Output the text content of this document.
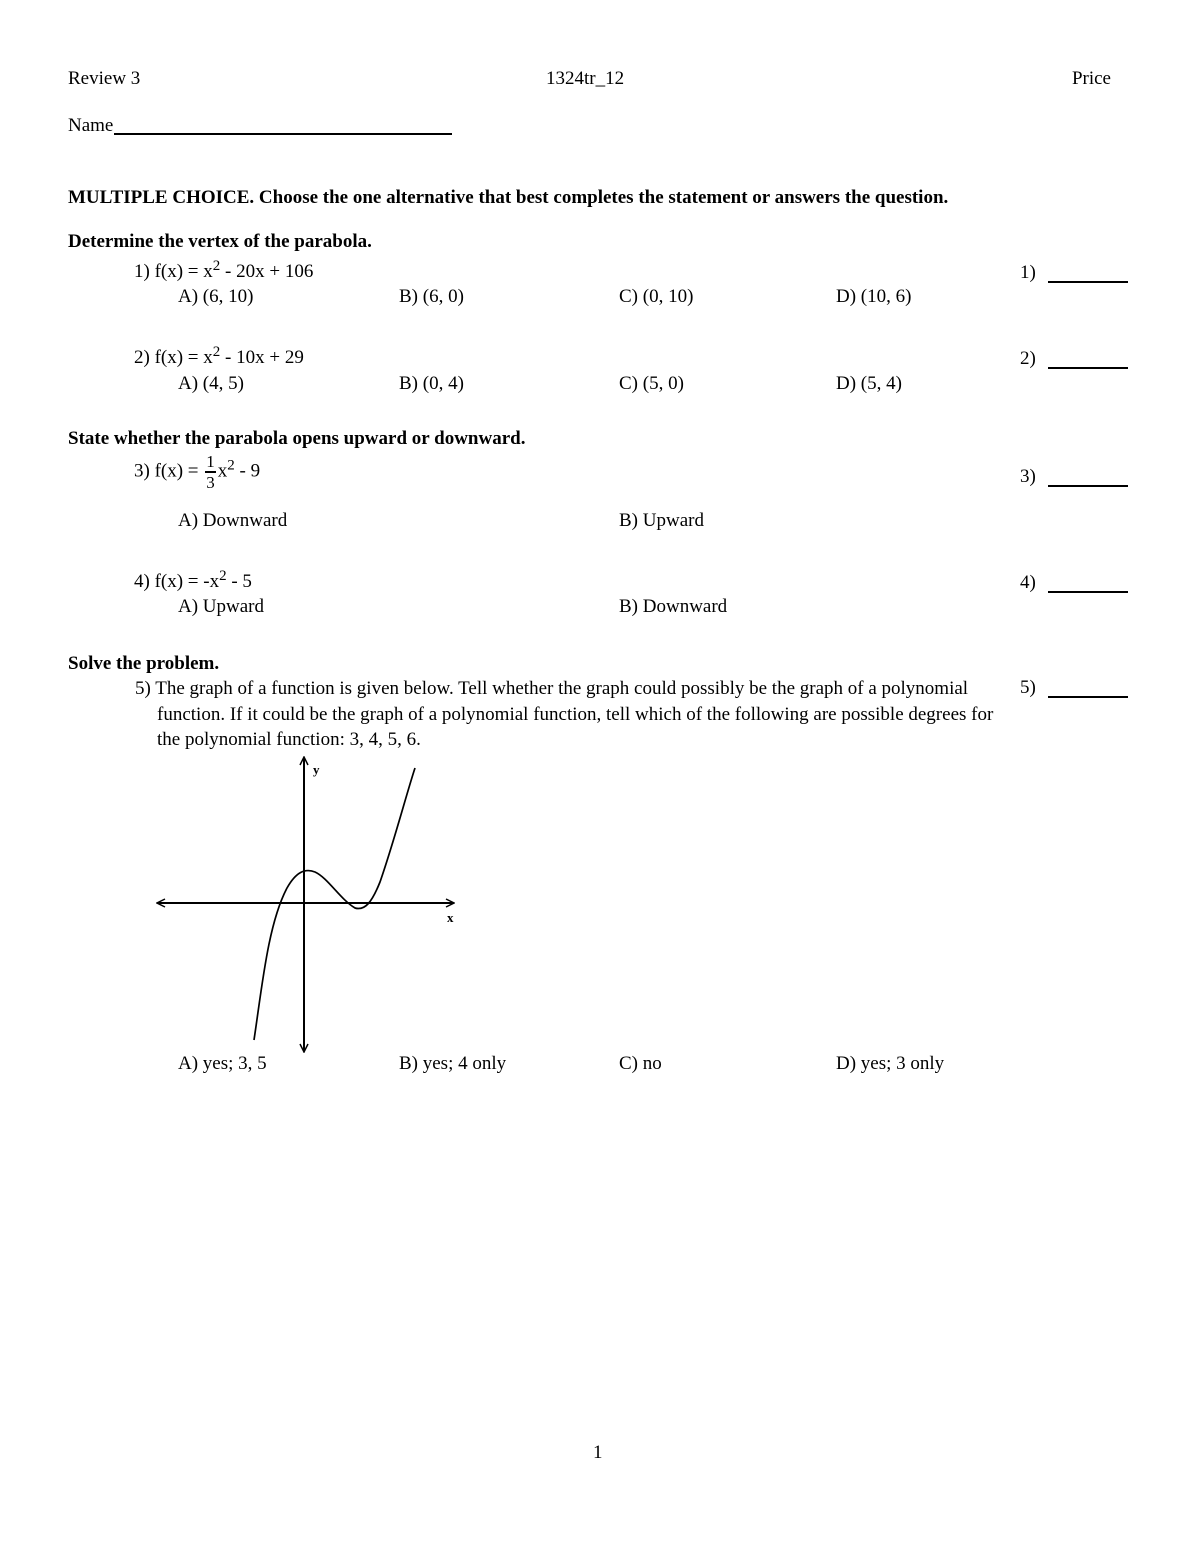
Review 3	1324tr_12	Price
Name
MULTIPLE CHOICE. Choose the one alternative that best completes the statement or answers the question.
Determine the vertex of the parabola.
1) $f(x) = x^2 - 20x + 106$	1)
A) (6, 10)	B) (6, 0)	C) (0, 10)	D) (10, 6)
2) $f(x) = x^2 - 10x + 29$	2)
A) (4, 5)	B) (0, 4)	C) (5, 0)	D) (5, 4)
State whether the parabola opens upward or downward.
3) $f(x) = \frac{1}{3} x^2 - 9$	3)
A) Downward	B) Upward
4) $f(x) = -x^2 - 5$	4)
A) Upward	B) Downward
Solve the problem.
5) The graph of a function is given below. Tell whether the graph could possibly be the graph of a polynomial function. If it could be the graph of a polynomial function, tell which of the following are possible degrees for the polynomial function: 3, 4, 5, 6.
5)
x
y
A) yes; 3, 5	B) yes; 4 only	C) no	D) yes; 3 only
1
